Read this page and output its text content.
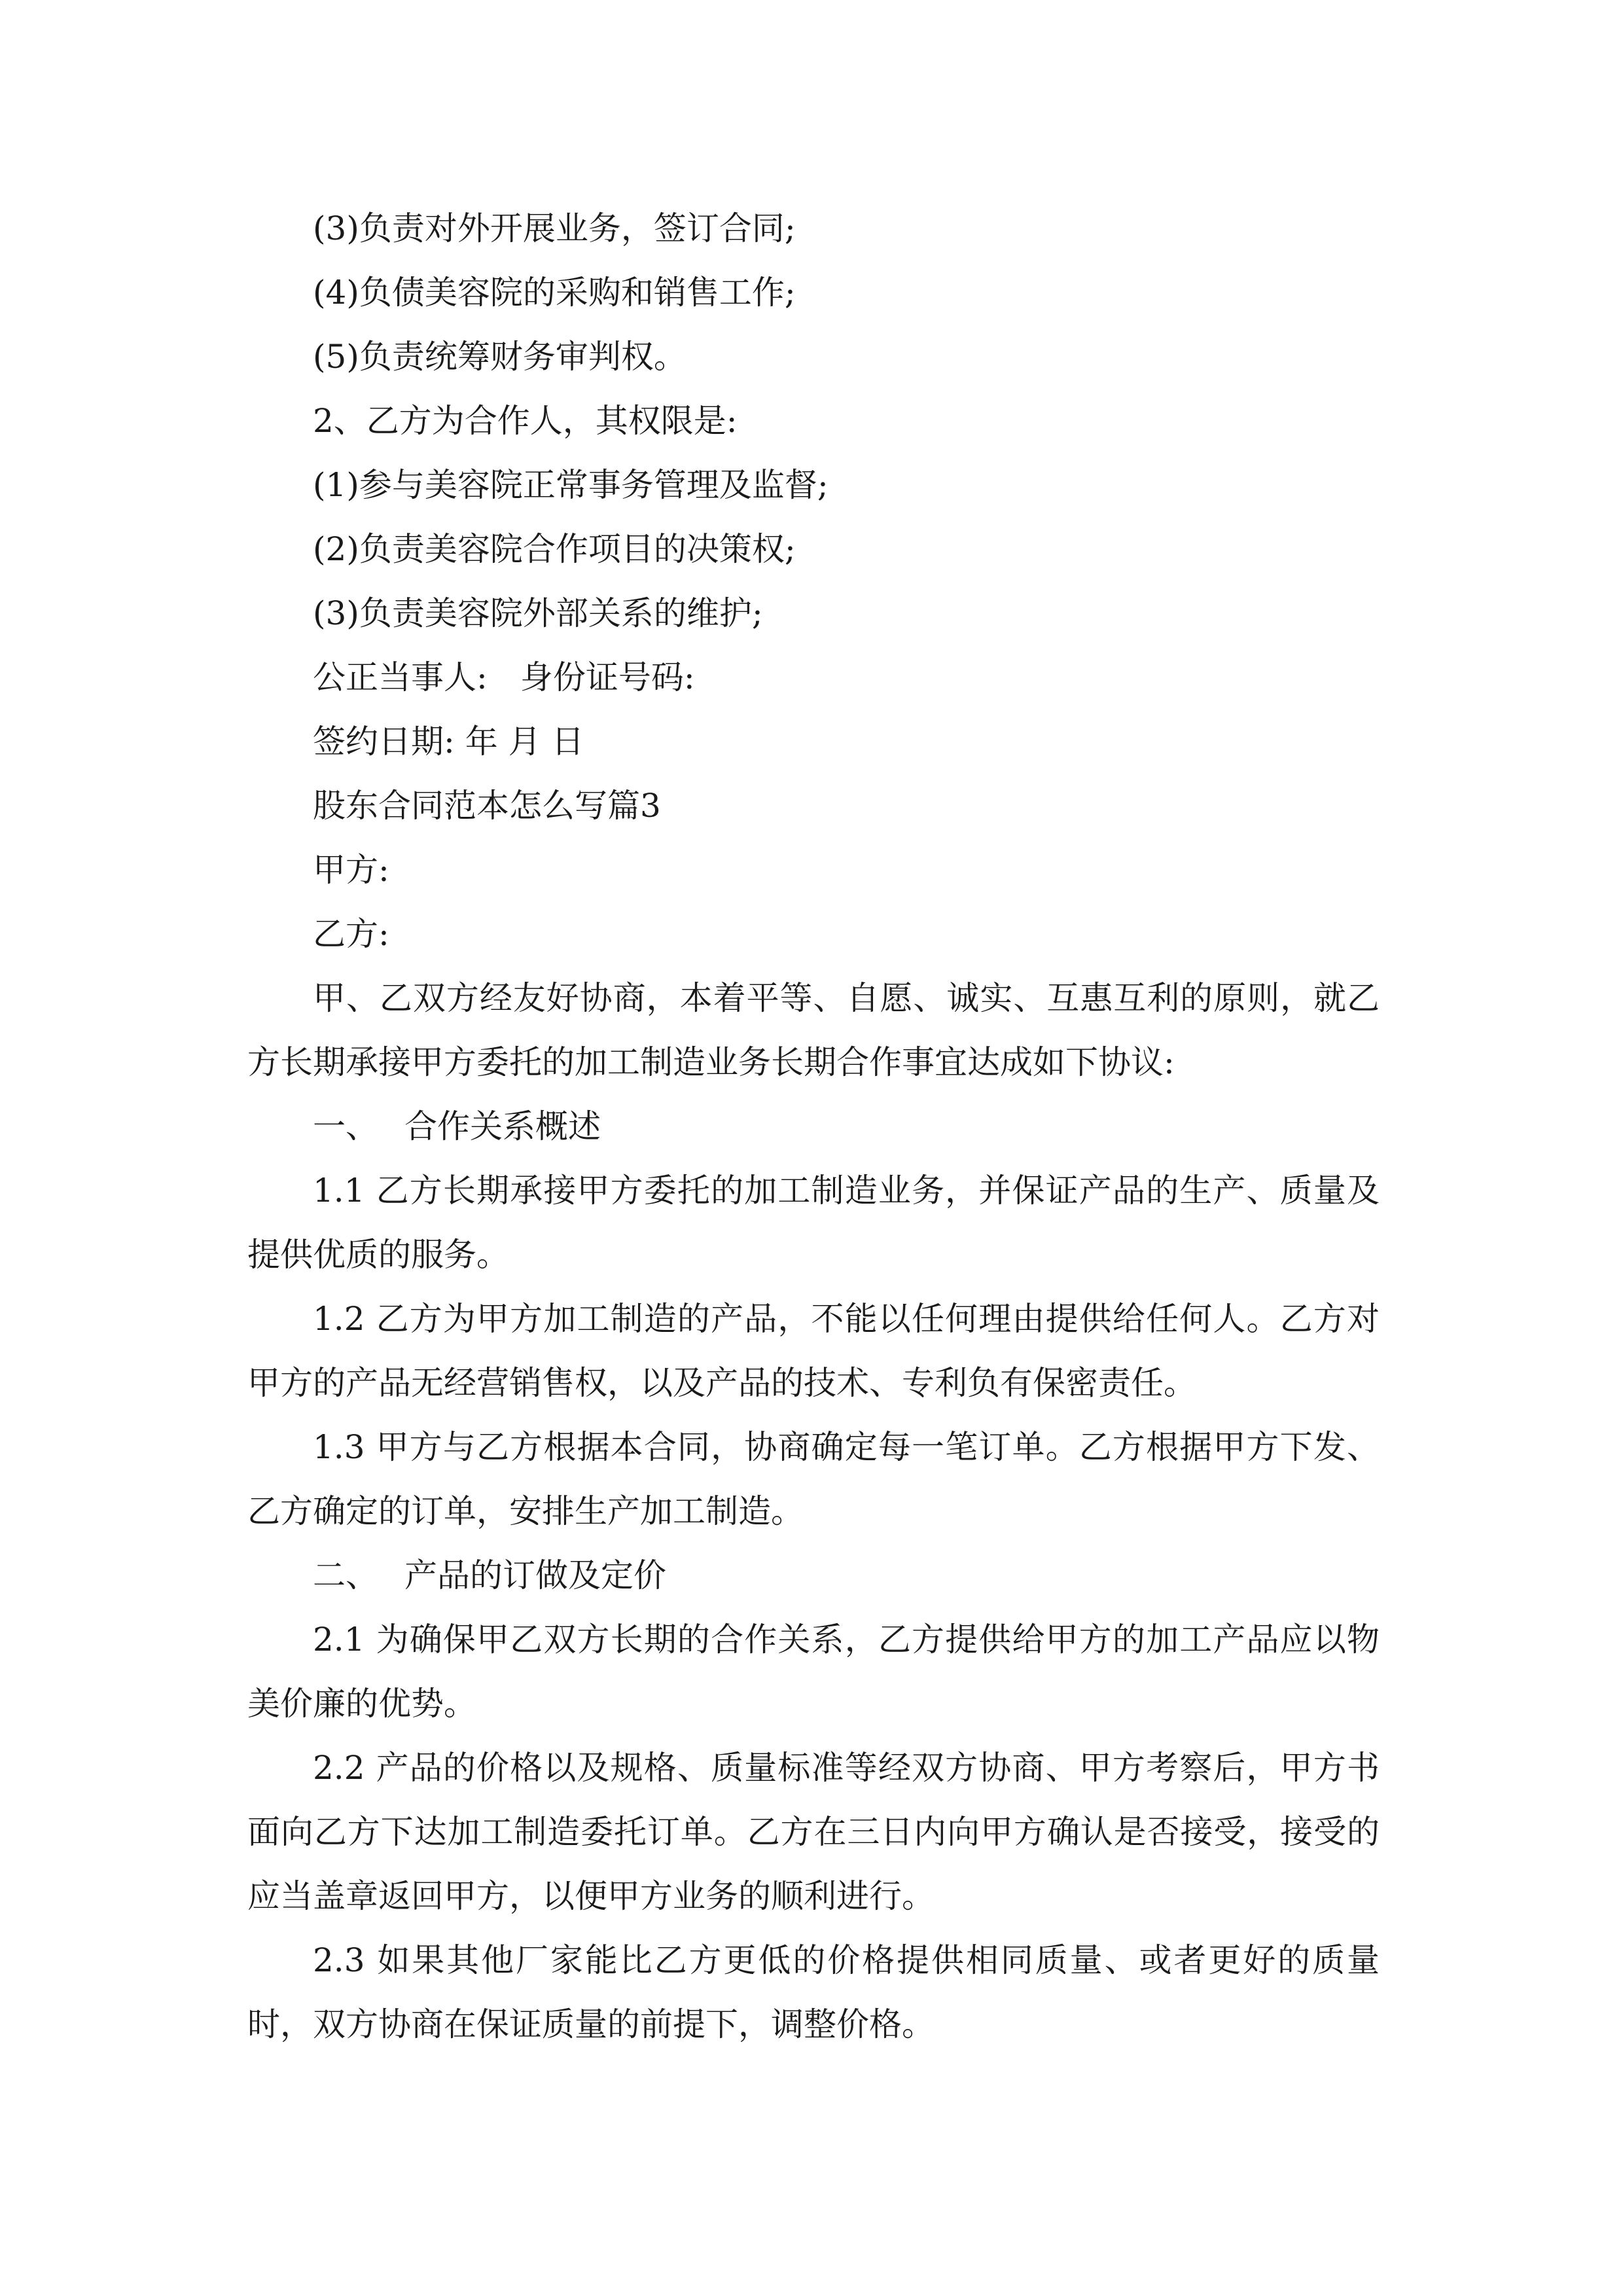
(3)负责对外开展业务，签订合同;
(4)负债美容院的采购和销售工作;
(5)负责统筹财务审判权。
2、乙方为合作人，其权限是:
(1)参与美容院正常事务管理及监督;
(2)负责美容院合作项目的决策权;
(3)负责美容院外部关系的维护;
公正当事人: 身份证号码:
签约日期: 年 月 日
股东合同范本怎么写篇3
甲方:
乙方:
甲、乙双方经友好协商，本着平等、自愿、诚实、互惠互利的原则，就乙方长期承接甲方委托的加工制造业务长期合作事宜达成如下协议:
一、 合作关系概述
1.1 乙方长期承接甲方委托的加工制造业务，并保证产品的生产、质量及提供优质的服务。
1.2 乙方为甲方加工制造的产品，不能以任何理由提供给任何人。乙方对甲方的产品无经营销售权，以及产品的技术、专利负有保密责任。
1.3 甲方与乙方根据本合同，协商确定每一笔订单。乙方根据甲方下发、乙方确定的订单，安排生产加工制造。
二、 产品的订做及定价
2.1 为确保甲乙双方长期的合作关系，乙方提供给甲方的加工产品应以物美价廉的优势。
2.2 产品的价格以及规格、质量标准等经双方协商、甲方考察后，甲方书面向乙方下达加工制造委托订单。乙方在三日内向甲方确认是否接受，接受的应当盖章返回甲方，以便甲方业务的顺利进行。
2.3 如果其他厂家能比乙方更低的价格提供相同质量、或者更好的质量时，双方协商在保证质量的前提下，调整价格。
